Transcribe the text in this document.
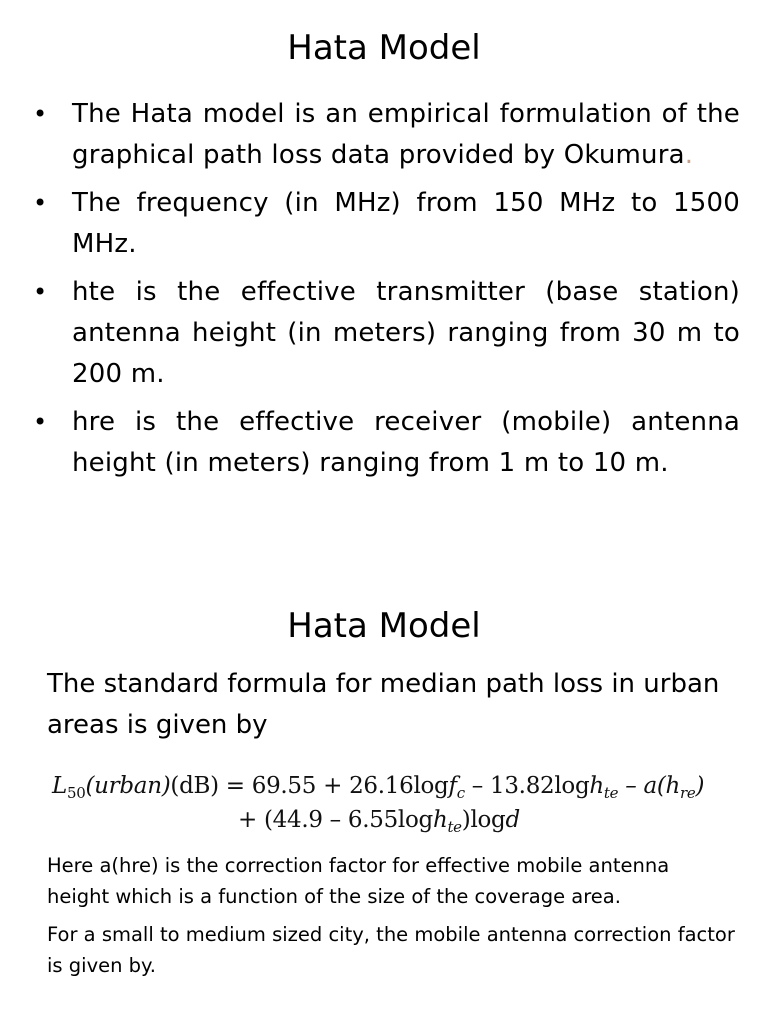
Hata Model
• The Hata model is an empirical formulation of the graphical path loss data provided by Okumura.
• The frequency (in MHz) from 150 MHz to 1500 MHz.
• hte is the effective transmitter (base station) antenna height (in meters) ranging from 30 m to 200 m.
• hre is the effective receiver (mobile) antenna height (in meters) ranging from 1 m to 10 m.
Hata Model

The standard formula for median path loss in urban areas is given by

$L_{50}(urban)(dB) = 69.55 + 26.16\log f_c - 13.82\log h_{te} - a(h_{re})$
+ (44.9 – 6.55logh$_{te}$)logd

Here a(hre) is the correction factor for effective mobile antenna height which is a function of the size of the coverage area.

For a small to medium sized city, the mobile antenna correction factor is given by.
